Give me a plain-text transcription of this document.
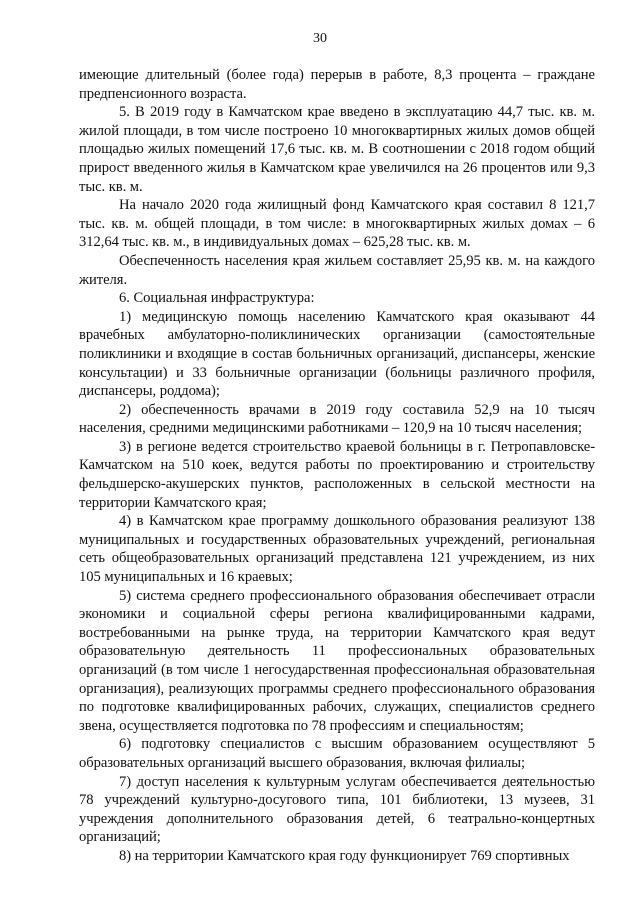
30

имеющие длительный (более года) перерыв в работе, 8,3 процента – граждане предпенсионного возраста.

5. В 2019 году в Камчатском крае введено в эксплуатацию 44,7 тыс. кв. м. жилой площади, в том числе построено 10 многоквартирных жилых домов общей площадью жилых помещений 17,6 тыс. кв. м. В соотношении с 2018 годом общий прирост введенного жилья в Камчатском крае увеличился на 26 процентов или 9,3 тыс. кв. м.

На начало 2020 года жилищный фонд Камчатского края составил 8 121,7 тыс. кв. м. общей площади, в том числе: в многоквартирных жилых домах – 6 312,64 тыс. кв. м., в индивидуальных домах – 625,28 тыс. кв. м.

Обеспеченность населения края жильем составляет 25,95 кв. м. на каждого жителя.

6. Социальная инфраструктура:

1) медицинскую помощь населению Камчатского края оказывают 44 врачебных амбулаторно-поликлинических организации (самостоятельные поликлиники и входящие в состав больничных организаций, диспансеры, женские консультации) и 33 больничные организации (больницы различного профиля, диспансеры, роддома);

2) обеспеченность врачами в 2019 году составила 52,9 на 10 тысяч населения, средними медицинскими работниками – 120,9 на 10 тысяч населения;

3) в регионе ведется строительство краевой больницы в г. Петропавловске-Камчатском на 510 коек, ведутся работы по проектированию и строительству фельдшерско-акушерских пунктов, расположенных в сельской местности на территории Камчатского края;

4) в Камчатском крае программу дошкольного образования реализуют 138 муниципальных и государственных образовательных учреждений, региональная сеть общеобразовательных организаций представлена 121 учреждением, из них 105 муниципальных и 16 краевых;

5) система среднего профессионального образования обеспечивает отрасли экономики и социальной сферы региона квалифицированными кадрами, востребованными на рынке труда, на территории Камчатского края ведут образовательную деятельность 11 профессиональных образовательных организаций (в том числе 1 негосударственная профессиональная образовательная организация), реализующих программы среднего профессионального образования по подготовке квалифицированных рабочих, служащих, специалистов среднего звена, осуществляется подготовка по 78 профессиям и специальностям;

6) подготовку специалистов с высшим образованием осуществляют 5 образовательных организаций высшего образования, включая филиалы;

7) доступ населения к культурным услугам обеспечивается деятельностью 78 учреждений культурно-досугового типа, 101 библиотеки, 13 музеев, 31 учреждения дополнительного образования детей, 6 театрально-концертных организаций;

8) на территории Камчатского края году функционирует 769 спортивных
